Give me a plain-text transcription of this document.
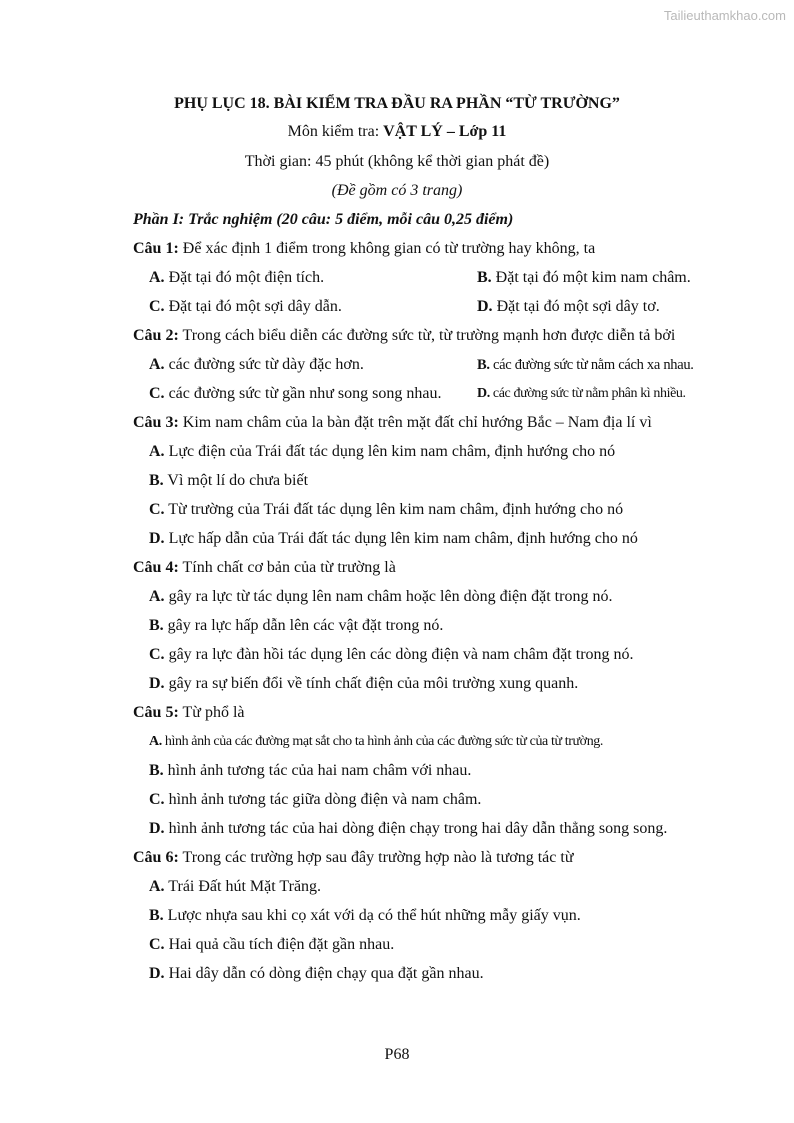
Tailieuthamkhao.com
PHỤ LỤC 18. BÀI KIỂM TRA ĐẦU RA PHẦN “TỪ TRƯỜNG”
Môn kiểm tra: VẬT LÝ – Lớp 11
Thời gian: 45 phút (không kể thời gian phát đề)
(Đề gồm có 3 trang)
Phần I: Trắc nghiệm (20 câu: 5 điểm, mỗi câu 0,25 điểm)
Câu 1: Để xác định 1 điểm trong không gian có từ trường hay không, ta
A. Đặt tại đó một điện tích.	B. Đặt tại đó một kim nam châm.
C. Đặt tại đó một sợi dây dẫn.	D. Đặt tại đó một sợi dây tơ.
Câu 2: Trong cách biểu diễn các đường sức từ, từ trường mạnh hơn được diễn tả bởi
A. các đường sức từ dày đặc hơn.	B. các đường sức từ nằm cách xa nhau.
C. các đường sức từ gần như song song nhau.	D. các đường sức từ nằm phân kì nhiều.
Câu 3: Kim nam châm của la bàn đặt trên mặt đất chỉ hướng Bắc – Nam địa lí vì
A. Lực điện của Trái đất tác dụng lên kim nam châm, định hướng cho nó
B. Vì một lí do chưa biết
C. Từ trường của Trái đất tác dụng lên kim nam châm, định hướng cho nó
D. Lực hấp dẫn của Trái đất tác dụng lên kim nam châm, định hướng cho nó
Câu 4: Tính chất cơ bản của từ trường là
A. gây ra lực từ tác dụng lên nam châm hoặc lên dòng điện đặt trong nó.
B. gây ra lực hấp dẫn lên các vật đặt trong nó.
C. gây ra lực đàn hồi tác dụng lên các dòng điện và nam châm đặt trong nó.
D. gây ra sự biến đổi về tính chất điện của môi trường xung quanh.
Câu 5: Từ phổ là
A. hình ảnh của các đường mạt sắt cho ta hình ảnh của các đường sức từ của từ trường.
B. hình ảnh tương tác của hai nam châm với nhau.
C. hình ảnh tương tác giữa dòng điện và nam châm.
D. hình ảnh tương tác của hai dòng điện chạy trong hai dây dẫn thẳng song song.
Câu 6: Trong các trường hợp sau đây trường hợp nào là tương tác từ
A. Trái Đất hút Mặt Trăng.
B. Lược nhựa sau khi cọ xát với dạ có thể hút những mẫy giấy vụn.
C. Hai quả cầu tích điện đặt gần nhau.
D. Hai dây dẫn có dòng điện chạy qua đặt gần nhau.
P68
